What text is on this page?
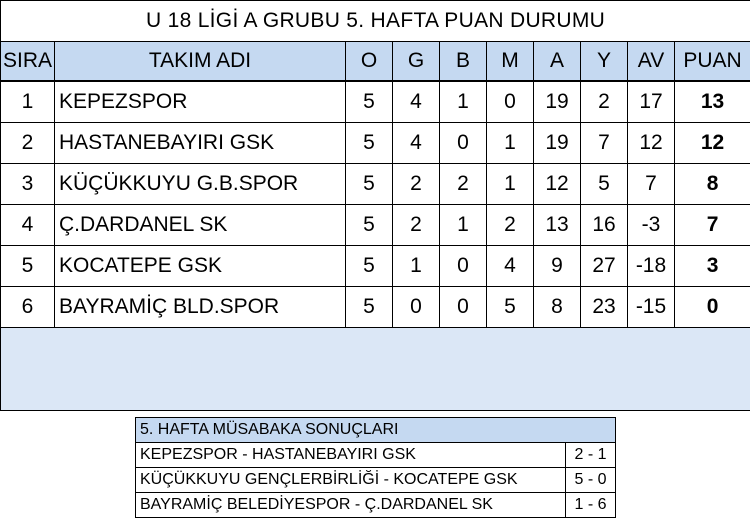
U 18 LİGİ A GRUBU 5. HAFTA PUAN DURUMU									
SIRA	TAKIM ADI	O	G	B	M	A	Y	AV	PUAN
1	KEPEZSPOR	5	4	1	0	19	2	17	13
2	HASTANEBAYIRI GSK	5	4	0	1	19	7	12	12
3	KÜÇÜKKUYU G.B.SPOR	5	2	2	1	12	5	7	8
4	Ç.DARDANEL SK	5	2	1	2	13	16	-3	7
5	KOCATEPE GSK	5	1	0	4	9	27	-18	3
6	BAYRAMİÇ BLD.SPOR	5	0	0	5	8	23	-15	0

5. HAFTA MÜSABAKA SONUÇLARI	
KEPEZSPOR - HASTANEBAYIRI GSK	2 - 1
KÜÇÜKKUYU GENÇLERBİRLİĞİ - KOCATEPE GSK	5 - 0
BAYRAMİÇ BELEDİYESPOR - Ç.DARDANEL SK	1 - 6
